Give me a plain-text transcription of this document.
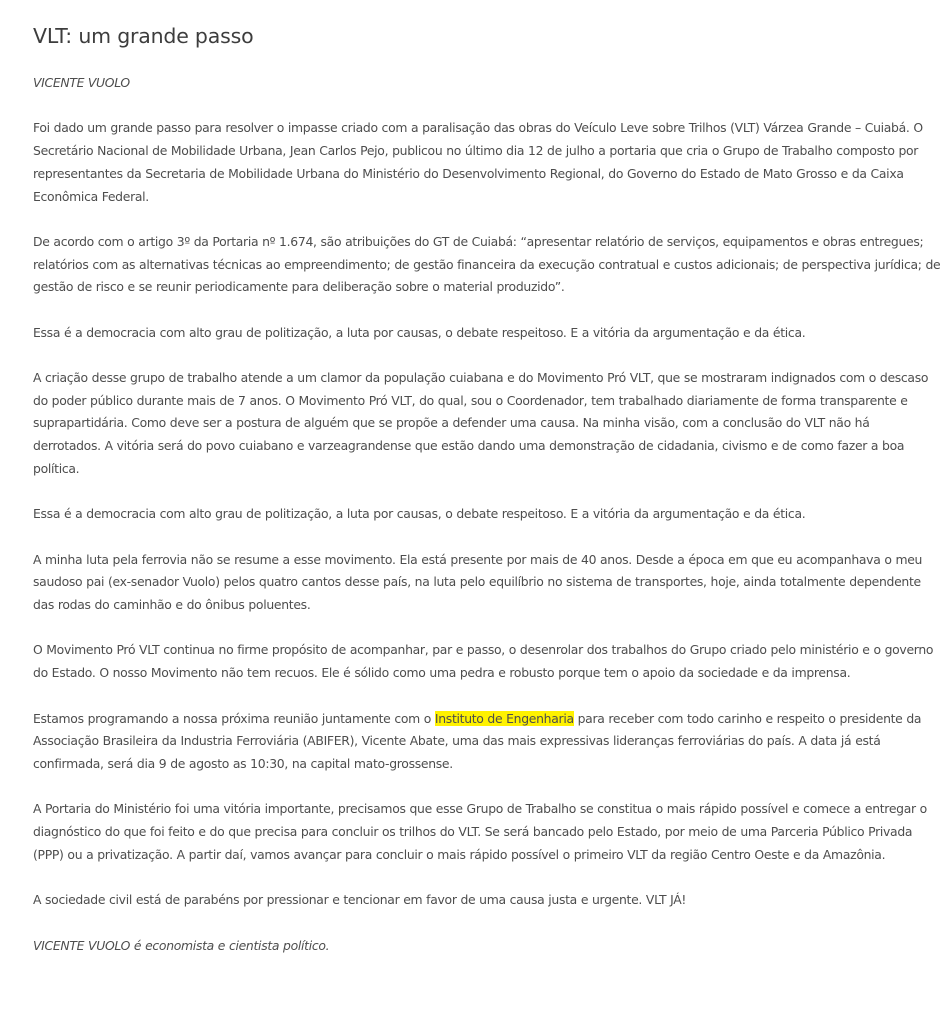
VLT: um grande passo

VICENTE VUOLO

Foi dado um grande passo para resolver o impasse criado com a paralisação das obras do Veículo Leve sobre Trilhos (VLT) Várzea Grande – Cuiabá. O Secretário Nacional de Mobilidade Urbana, Jean Carlos Pejo, publicou no último dia 12 de julho a portaria que cria o Grupo de Trabalho composto por representantes da Secretaria de Mobilidade Urbana do Ministério do Desenvolvimento Regional, do Governo do Estado de Mato Grosso e da Caixa Econômica Federal.

De acordo com o artigo 3º da Portaria nº 1.674, são atribuições do GT de Cuiabá: “apresentar relatório de serviços, equipamentos e obras entregues; relatórios com as alternativas técnicas ao empreendimento; de gestão financeira da execução contratual e custos adicionais; de perspectiva jurídica; de gestão de risco e se reunir periodicamente para deliberação sobre o material produzido”.

Essa é a democracia com alto grau de politização, a luta por causas, o debate respeitoso. E a vitória da argumentação e da ética.

A criação desse grupo de trabalho atende a um clamor da população cuiabana e do Movimento Pró VLT, que se mostraram indignados com o descaso do poder público durante mais de 7 anos. O Movimento Pró VLT, do qual, sou o Coordenador, tem trabalhado diariamente de forma transparente e suprapartidária. Como deve ser a postura de alguém que se propõe a defender uma causa. Na minha visão, com a conclusão do VLT não há derrotados. A vitória será do povo cuiabano e varzeagrandense que estão dando uma demonstração de cidadania, civismo e de como fazer a boa política.

Essa é a democracia com alto grau de politização, a luta por causas, o debate respeitoso. E a vitória da argumentação e da ética.

A minha luta pela ferrovia não se resume a esse movimento. Ela está presente por mais de 40 anos. Desde a época em que eu acompanhava o meu saudoso pai (ex-senador Vuolo) pelos quatro cantos desse país, na luta pelo equilíbrio no sistema de transportes, hoje, ainda totalmente dependente das rodas do caminhão e do ônibus poluentes.

O Movimento Pró VLT continua no firme propósito de acompanhar, par e passo, o desenrolar dos trabalhos do Grupo criado pelo ministério e o governo do Estado. O nosso Movimento não tem recuos. Ele é sólido como uma pedra e robusto porque tem o apoio da sociedade e da imprensa.

Estamos programando a nossa próxima reunião juntamente com o Instituto de Engenharia para receber com todo carinho e respeito o presidente da Associação Brasileira da Industria Ferroviária (ABIFER), Vicente Abate, uma das mais expressivas lideranças ferroviárias do país. A data já está confirmada, será dia 9 de agosto as 10:30, na capital mato-grossense.

A Portaria do Ministério foi uma vitória importante, precisamos que esse Grupo de Trabalho se constitua o mais rápido possível e comece a entregar o diagnóstico do que foi feito e do que precisa para concluir os trilhos do VLT. Se será bancado pelo Estado, por meio de uma Parceria Público Privada (PPP) ou a privatização. A partir daí, vamos avançar para concluir o mais rápido possível o primeiro VLT da região Centro Oeste e da Amazônia.

A sociedade civil está de parabéns por pressionar e tencionar em favor de uma causa justa e urgente. VLT JÁ!

VICENTE VUOLO é economista e cientista político.
